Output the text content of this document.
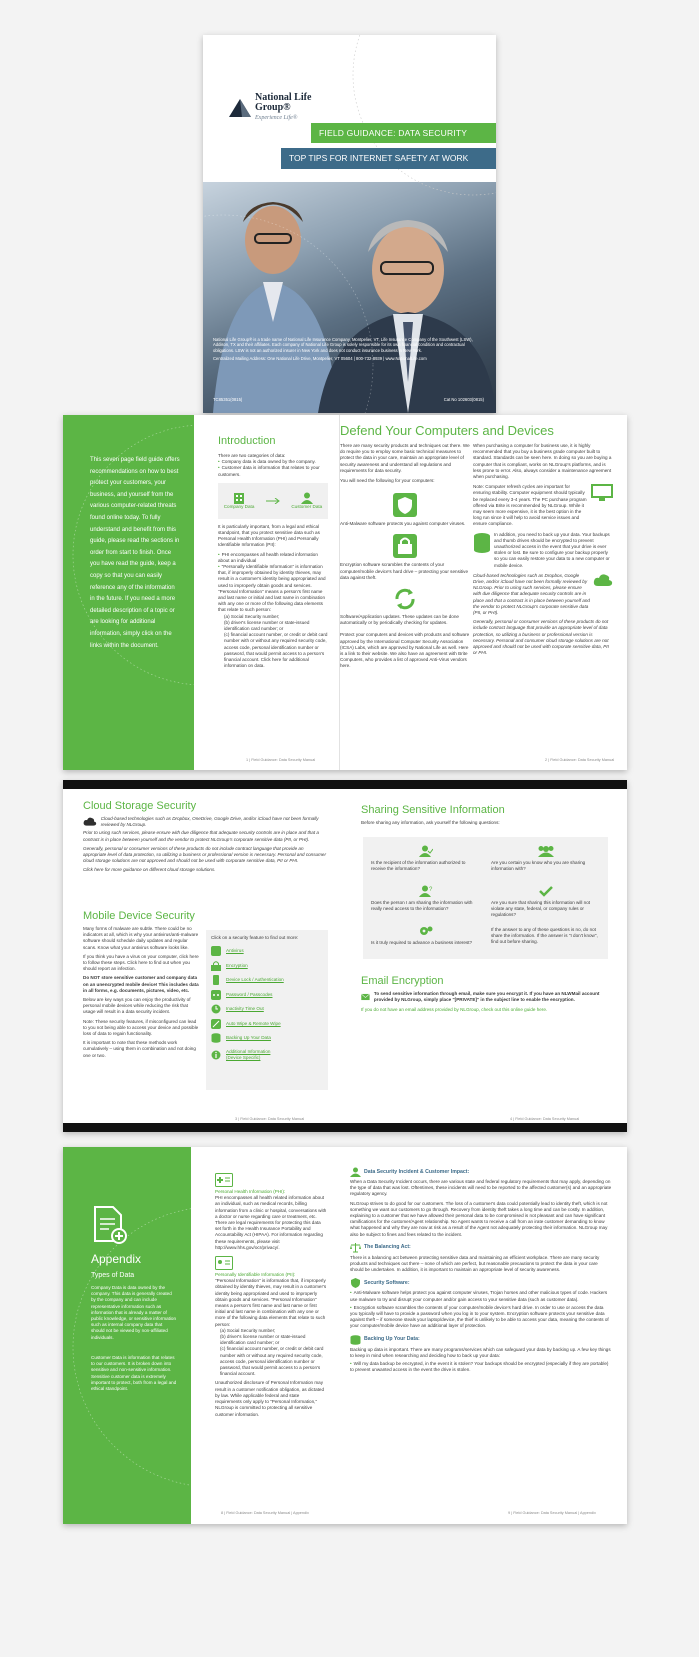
National Life
Group®
Experience Life®
FIELD GUIDANCE: DATA SECURITY
TOP TIPS FOR INTERNET SAFETY AT WORK
National Life Group® is a trade name of National Life Insurance Company, Montpelier, VT, Life Insurance Company of the Southwest (LSW), Addison, TX and their affiliates. Each company of National Life Group is solely responsible for its own financial condition and contractual obligations. LSW is not an authorized insurer in New York and does not conduct insurance business in New York.
Centralized Mailing Address: One National Life Drive, Montpelier, VT 05604 | 800-732-8939 | www.NationalLife.com
TC85351(0815)	Cat No 102603(0815)
This seven page field guide offers recommendations on how to best protect your customers, your business, and yourself from the various computer-related threats found online today. To fully understand and benefit from this guide, please read the sections in order from start to finish. Once you have read the guide, keep a copy so that you can easily reference any of the information in the future. If you need a more detailed description of a topic or are looking for additional information, simply click on the links within the document.
Introduction
There are two categories of data:
• Company data is data owned by the company.
• Customer data is information that relates to your customers.
Company Data	Customer Data
It is particularly important, from a legal and ethical standpoint, that you protect sensitive data such as Personal Health Information (PHI) and Personally Identifiable Information (PII):
• PHI encompasses all health related information about an individual
• "Personally Identifiable Information" is information that, if improperly obtained by identity thieves, may result in a customer's identity being appropriated and used to improperly obtain goods and services. "Personal Information" means a person's first name and last name or initial and last name in combination with any one or more of the following data elements that relate to such person:
(a) Social Security number;
(b) driver's license number or state-issued identification card number; or
(c) financial account number, or credit or debit card number with or without any required security code, access code, personal identification number or password, that would permit access to a person's financial account. Click here for additional information on data.
1 | Field Guidance: Data Security Manual
Defend Your Computers and Devices
There are many security products and techniques out there. We do require you to employ some basic technical measures to protect the data in your care, maintain an appropriate level of security awareness and understand all regulations and requirements for data security.
You will need the following for your computers:
Anti-Malware software protects you against computer viruses.
Encryption software scrambles the contents of your computer/mobile device's hard drive – protecting your sensitive data against theft.
Software/Application updates. These updates can be done automatically or by periodically checking for updates.
Protect your computers and devices with products and software approved by the International Computer Security Association (ICSA) Labs, which are approved by National Life as well. Here is a link to their website. We also have an agreement with Brite Computers, who provides a list of approved Anti-Virus vendors here.
When purchasing a computer for business use, it is highly recommended that you buy a business grade computer built to standard. Standards can be seen here. In doing so you are buying a computer that is compliant, works on NLGroup's platforms, and is less prone to error. Also, always consider a maintenance agreement when purchasing.
Note: Computer refresh cycles are important for ensuring stability. Computer equipment should typically be replaced every 3-4 years. The PC purchase program offered via Brite is recommended by NLGroup. While it may seem more expensive, it is the best option in the long run since it will help to avoid service issues and ensure compliance.
In addition, you need to back up your data. Your backups and thumb drives should be encrypted to prevent unauthorized access in the event that your drive is ever stolen or lost. Be sure to configure your backup properly so you can easily restore your data to a new computer or mobile device.
Cloud-based technologies such as Dropbox, Google Drive, and/or iCloud have not been formally reviewed by NLGroup. Prior to using such services, please ensure with due diligence that adequate security controls are in place and that a contract is in place between yourself and the vendor to protect NLGroup's corporate sensitive data (PII, or PHI).
Generally, personal or consumer versions of these products do not include contract language that provide an appropriate level of data protection, so utilizing a business or professional version is necessary. Personal and consumer cloud storage solutions are not approved and should not be used with corporate sensitive data, PII or PHI.
2 | Field Guidance: Data Security Manual
Cloud Storage Security
Cloud-based technologies such as Dropbox, OneDrive, Google Drive, and/or iCloud have not been formally reviewed by NLGroup.
Prior to using such services, please ensure with due diligence that adequate security controls are in place and that a contract is in place between yourself and the vendor to protect NLGroup's corporate sensitive data (PII, or PHI).
Generally, personal or consumer versions of these products do not include contract language that provide an appropriate level of data protection, so utilizing a business or professional version is necessary. Personal and consumer cloud storage solutions are not approved and should not be used with corporate sensitive data, PII or PHI.
Click here for more guidance on different cloud storage solutions.
Mobile Device Security
Many forms of malware are subtle. There could be no indicators at all, which is why your antivirus/anti-malware software should schedule daily updates and regular scans. Know what your antivirus software looks like.
If you think you have a virus on your computer, click here to follow these steps. Click here to find out when you should report an infection.
Do NOT store sensitive customer and company data on an unencrypted mobile device! This includes data in all forms, e.g. documents, pictures, video, etc.
Below are key ways you can enjoy the productivity of personal mobile devices while reducing the risk that usage will result in a data security incident.
Note: These security features, if misconfigured can lead to you not being able to access your device and possible loss of data to regain functionality.
It is important to note that these methods work cumulatively – using them in combination and not doing one or two.
Click on a security feature to find out more:
Antivirus
Encryption
Device Lock / Authentication
Password / Passcodes
Inactivity Time Out
Auto Wipe & Remote Wipe
Backing Up Your Data
Additional Information (Device Specific)
3 | Field Guidance: Data Security Manual
Sharing Sensitive Information
Before sharing any information, ask yourself the following questions:
Is the recipient of the information authorized to receive the information?
Are you certain you know who you are sharing information with?
?
Does the person I am sharing the information with really need access to the information?
Are you sure that sharing this information will not violate any state, federal, or company rules or regulations?
Is it truly required to advance a business interest?
If the answer to any of these questions is no, do not share the information. If the answer is "I don't know", find out before sharing.
Email Encryption
To send sensitive information through email, make sure you encrypt it. If you have an NLWMail account provided by NLGroup, simply place "[PRIVATE]" in the subject line to enable the encryption.
If you do not have an email address provided by NLGroup, check out this online guide here.
4 | Field Guidance: Data Security Manual
Appendix
Types of Data
Company Data is data owned by the company. This data is generally created by the company and can include representative information such as information that is already a matter of public knowledge, or sensitive information such as internal company data that should not be viewed by non-affiliated individuals.
Customer Data is information that relates to our customers. It is broken down into sensitive and non-sensitive information. Sensitive customer data is extremely important to protect, both from a legal and ethical standpoint.
Personal Health Information (PHI):
PHI encompasses all health related information about an individual, such as medical records, billing information from a clinic or hospital, conversations with a doctor or nurse regarding care or treatment, etc. There are legal requirements for protecting this data set forth in the Health Insurance Portability and Accountability Act (HIPAA). For information regarding these requirements, please visit http://www.hhs.gov/ocr/privacy/.
Personally Identifiable Information (PII):
"Personal Information" is information that, if improperly obtained by identity thieves, may result in a customer's identity being appropriated and used to improperly obtain goods and services. "Personal Information" means a person's first name and last name or first initial and last name in combination with any one or more of the following data elements that relate to such person:
(a) Social Security number;
(b) driver's license number or state-issued identification card number; or
(c) financial account number, or credit or debit card number with or without any required security code, access code, personal identification number or password, that would permit access to a person's financial account.
Unauthorized disclosure of Personal Information may result in a customer notification obligation, as dictated by law. While applicable federal and state requirements only apply to "Personal Information," NLGroup is committed to protecting all sensitive customer information.
8 | Field Guidance: Data Security Manual | Appendix
Data Security Incident & Customer Impact:
When a Data Security Incident occurs, there are various state and federal regulatory requirements that may apply, depending on the type of data that was lost. Oftentimes, these incidents will need to be reported to the affected customer(s) and an appropriate regulatory agency.
NLGroup strives to do good for our customers. The loss of a customer's data could potentially lead to identity theft, which is not something we want our customers to go through. Recovery from identity theft takes a long time and can be costly. In addition, explaining to a customer that we have allowed their personal data to be compromised is not pleasant and can have significant ramifications for the customer/Agent relationship. No Agent wants to receive a call from an irate customer demanding to know what happened and why they are now at risk as a result of the Agent not adequately protecting their information. NLGroup may also be subject to fines and fees related to the incident.
The Balancing Act:
There is a balancing act between protecting sensitive data and maintaining an efficient workplace. There are many security products and techniques out there – none of which are perfect, but reasonable precautions to protect the data in your care should be undertaken. In addition, it is important to maintain an appropriate level of security awareness.
Security Software:
• Anti-Malware software helps protect you against computer viruses, Trojan horses and other malicious types of code. Hackers use malware to try and disrupt your computer and/or gain access to your sensitive data (such as customer data).
• Encryption software scrambles the contents of your computer/mobile device's hard drive. In order to use or access the data you typically will have to provide a password when you log in to your system. Encryption software protects your sensitive data against theft – if someone steals your laptop/device, the thief is unlikely to be able to access your data, meaning the contents of your computer/mobile device have an additional layer of protection.
Backing Up Your Data:
Backing up data is important. There are many programs/services which can safeguard your data by backing up. A few key things to keep in mind when researching and deciding how to back up your data:
• Will my data backup be encrypted, in the event it is stolen? Your backups should be encrypted (especially if they are portable) to prevent unwanted access in the event the drive is stolen.
9 | Field Guidance: Data Security Manual | Appendix
